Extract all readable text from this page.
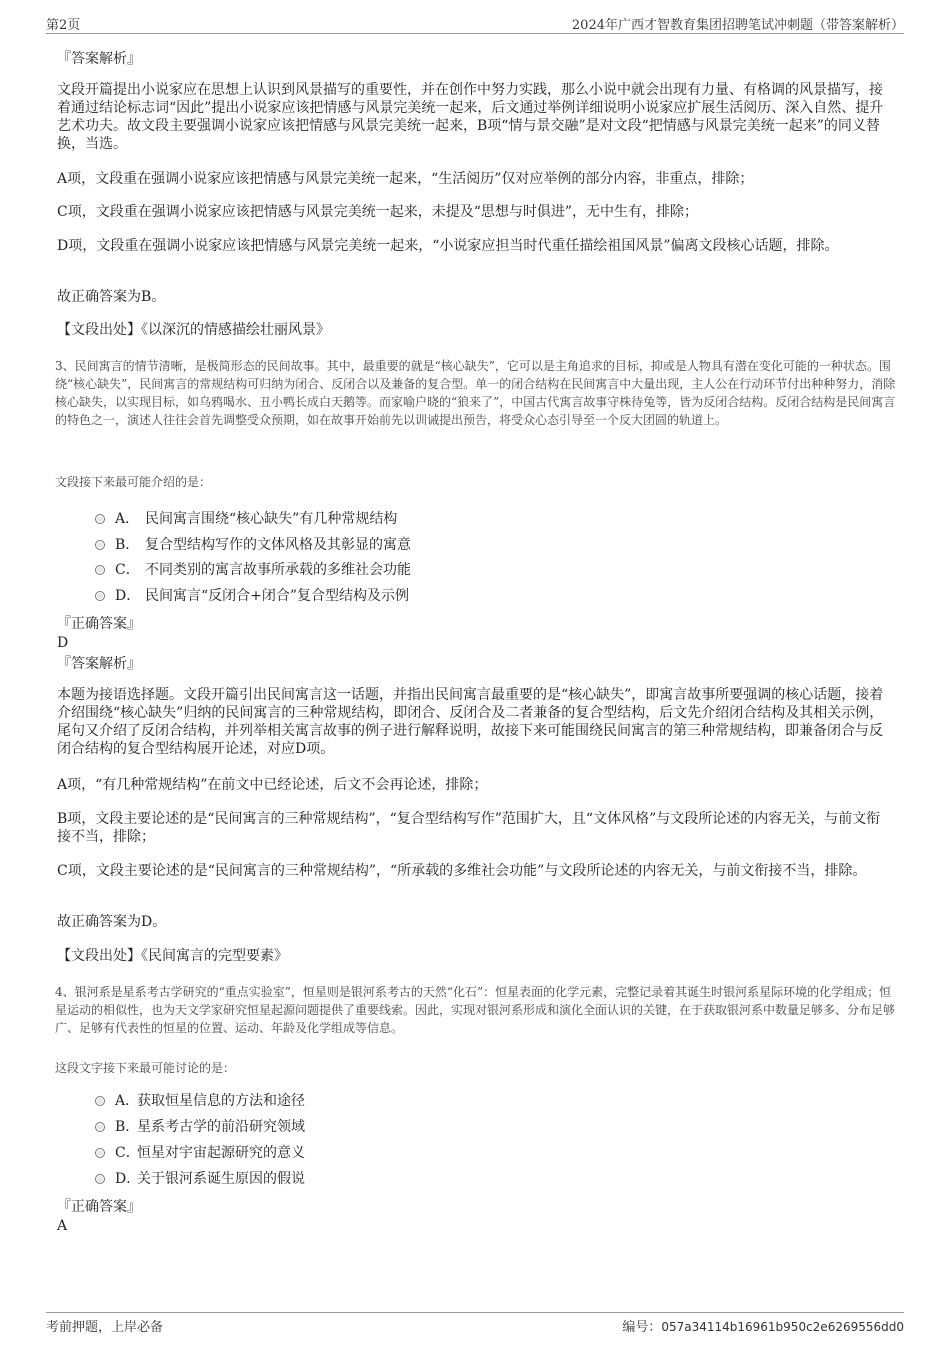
第2页	2024年广西才智教育集团招聘笔试冲刺题（带答案解析）
『答案解析』
文段开篇提出小说家应在思想上认识到风景描写的重要性，并在创作中努力实践，那么小说中就会出现有力量、有格调的风景描写，接着通过结论标志词“因此”提出小说家应该把情感与风景完美统一起来，后文通过举例详细说明小说家应扩展生活阅历、深入自然、提升艺术功夫。故文段主要强调小说家应该把情感与风景完美统一起来，B项“情与景交融”是对文段“把情感与风景完美统一起来”的同义替换，当选。
A项，文段重在强调小说家应该把情感与风景完美统一起来，“生活阅历”仅对应举例的部分内容，非重点，排除；
C项，文段重在强调小说家应该把情感与风景完美统一起来，未提及“思想与时俱进”，无中生有，排除；
D项，文段重在强调小说家应该把情感与风景完美统一起来，“小说家应担当时代重任描绘祖国风景”偏离文段核心话题，排除。
故正确答案为B。
【文段出处】《以深沉的情感描绘壮丽风景》
3、民间寓言的情节清晰，是极简形态的民间故事。其中，最重要的就是“核心缺失”，它可以是主角追求的目标，抑或是人物具有潜在变化可能的一种状态。围绕“核心缺失”，民间寓言的常规结构可归纳为闭合、反闭合以及兼备的复合型。单一的闭合结构在民间寓言中大量出现，主人公在行动环节付出种种努力，消除核心缺失，以实现目标，如乌鸦喝水、丑小鸭长成白天鹅等。而家喻户晓的“狼来了”，中国古代寓言故事守株待兔等，皆为反闭合结构。反闭合结构是民间寓言的特色之一，演述人往往会首先调整受众预期，如在故事开始前先以训诫提出预告，将受众心态引导至一个反大团圆的轨道上。
文段接下来最可能介绍的是：
A． 民间寓言围绕“核心缺失”有几种常规结构
B． 复合型结构写作的文体风格及其彰显的寓意
C． 不同类别的寓言故事所承载的多维社会功能
D． 民间寓言“反闭合+闭合”复合型结构及示例
『正确答案』
D
『答案解析』
本题为接语选择题。文段开篇引出民间寓言这一话题，并指出民间寓言最重要的是“核心缺失”，即寓言故事所要强调的核心话题，接着介绍围绕“核心缺失”归纳的民间寓言的三种常规结构，即闭合、反闭合及二者兼备的复合型结构，后文先介绍闭合结构及其相关示例，尾句又介绍了反闭合结构，并列举相关寓言故事的例子进行解释说明，故接下来可能围绕民间寓言的第三种常规结构，即兼备闭合与反闭合结构的复合型结构展开论述，对应D项。
A项，“有几种常规结构”在前文中已经论述，后文不会再论述，排除；
B项，文段主要论述的是“民间寓言的三种常规结构”，“复合型结构写作”范围扩大，且“文体风格”与文段所论述的内容无关，与前文衔接不当，排除；
C项，文段主要论述的是“民间寓言的三种常规结构”，“所承载的多维社会功能”与文段所论述的内容无关，与前文衔接不当，排除。
故正确答案为D。
【文段出处】《民间寓言的完型要素》
4、银河系是星系考古学研究的“重点实验室”，恒星则是银河系考古的天然“化石”：恒星表面的化学元素，完整记录着其诞生时银河系星际环境的化学组成；恒星运动的相似性，也为天文学家研究恒星起源问题提供了重要线索。因此，实现对银河系形成和演化全面认识的关键，在于获取银河系中数量足够多、分布足够广、足够有代表性的恒星的位置、运动、年龄及化学组成等信息。
这段文字接下来最可能讨论的是：
A．获取恒星信息的方法和途径
B．星系考古学的前沿研究领域
C．恒星对宇宙起源研究的意义
D．关于银河系诞生原因的假说
『正确答案』
A
考前押题，上岸必备	编号：057a34114b16961b950c2e6269556dd0
